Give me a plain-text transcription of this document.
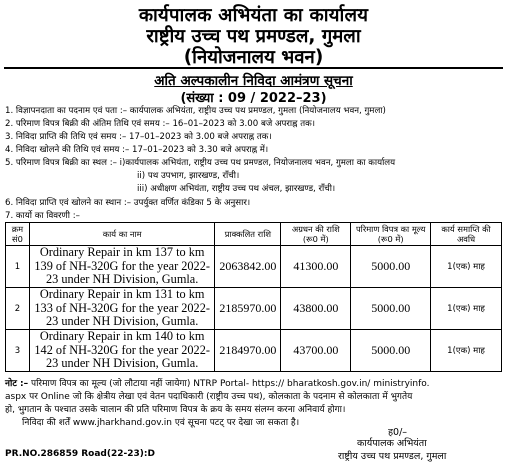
कार्यपालक अभियंता का कार्यालय
राष्ट्रीय उच्च पथ प्रमण्डल, गुमला
(नियोजनालय भवन)
अति अल्पकालीन निविदा आमंत्रण सूचना
(संख्या : 09 / 2022–23)
1. विज्ञापनदाता का पदनाम एवं पता :– कार्यपालक अभियंता, राष्ट्रीय उच्च पथ प्रमण्डल, गुमला (नियोजनालय भवन, गुमला)
2. परिमाण विपत्र बिक्री की अंतिम तिथि एवं समय :– 16–01–2023 को 3.00 बजे अपराह्न तक।
3. निविदा प्राप्ति की तिथि एवं समय :– 17–01–2023 को 3.00 बजे अपराह्न तक।
4. निविदा खोलने की तिथि एवं समय :– 17–01–2023 को 3.30 बजे अपराह्न में।
5. परिमाण विपत्र बिक्री का स्थल :– i)कार्यपालक अभियंता, राष्ट्रीय उच्च पथ प्रमण्डल, नियोजनालय भवन, गुमला का कार्यालय
ii) पथ उपभाग, झारखण्ड, राँची।
iii) अधीक्षण अभियंता, राष्ट्रीय उच्च पथ अंचल, झारखण्ड, राँची।
6. निविदा प्राप्ति एवं खोलने का स्थान :– उपर्युक्त वर्णित कंडिका 5 के अनुसार।
7. कार्यो का विवरणी :–
क्रम सं0	कार्य का नाम	प्राक्कलित राशि	अग्रधन की राशि (रू0 में)	परिमाण विपत्र का मूल्य (रू0 में)	कार्य समाप्ति की अवधि
1	Ordinary Repair in km 137 to km 139 of NH-320G for the year 2022-23 under NH Division, Gumla.	2063842.00	41300.00	5000.00	1(एक) माह
2	Ordinary Repair in km 131 to km 133 of NH-320G for the year 2022-23 under NH Division, Gumla.	2185970.00	43800.00	5000.00	1(एक) माह
3	Ordinary Repair in km 140 to km 142 of NH-320G for the year 2022-23 under NH Division, Gumla.	2184970.00	43700.00	5000.00	1(एक) माह
नोट :– परिमाण विपत्र का मूल्य (जो लौटाया नहीं जायेगा) NTRP Portal- https:// bharatkosh.gov.in/ ministryinfo.
aspx पर Online जो कि क्षेत्रीय लेखा एवं वेतन पदाधिकारी (राष्ट्रीय उच्च पथ), कोलकाता के पदनाम से कोलकाता में भुगतेय
हो, भुगतान के पश्चात उसके चालान की प्रति परिमाण विपत्र के क्रय के समय संलग्न करना अनिवार्य होगा।
निविदा की शर्तें www.jharkhand.gov.in एवं सूचना पटट् पर देखा जा सकता है।
ह0/–
कार्यपालक अभियंता
राष्ट्रीय उच्च पथ प्रमण्डल, गुमला
PR.NO.286859 Road(22-23):D
